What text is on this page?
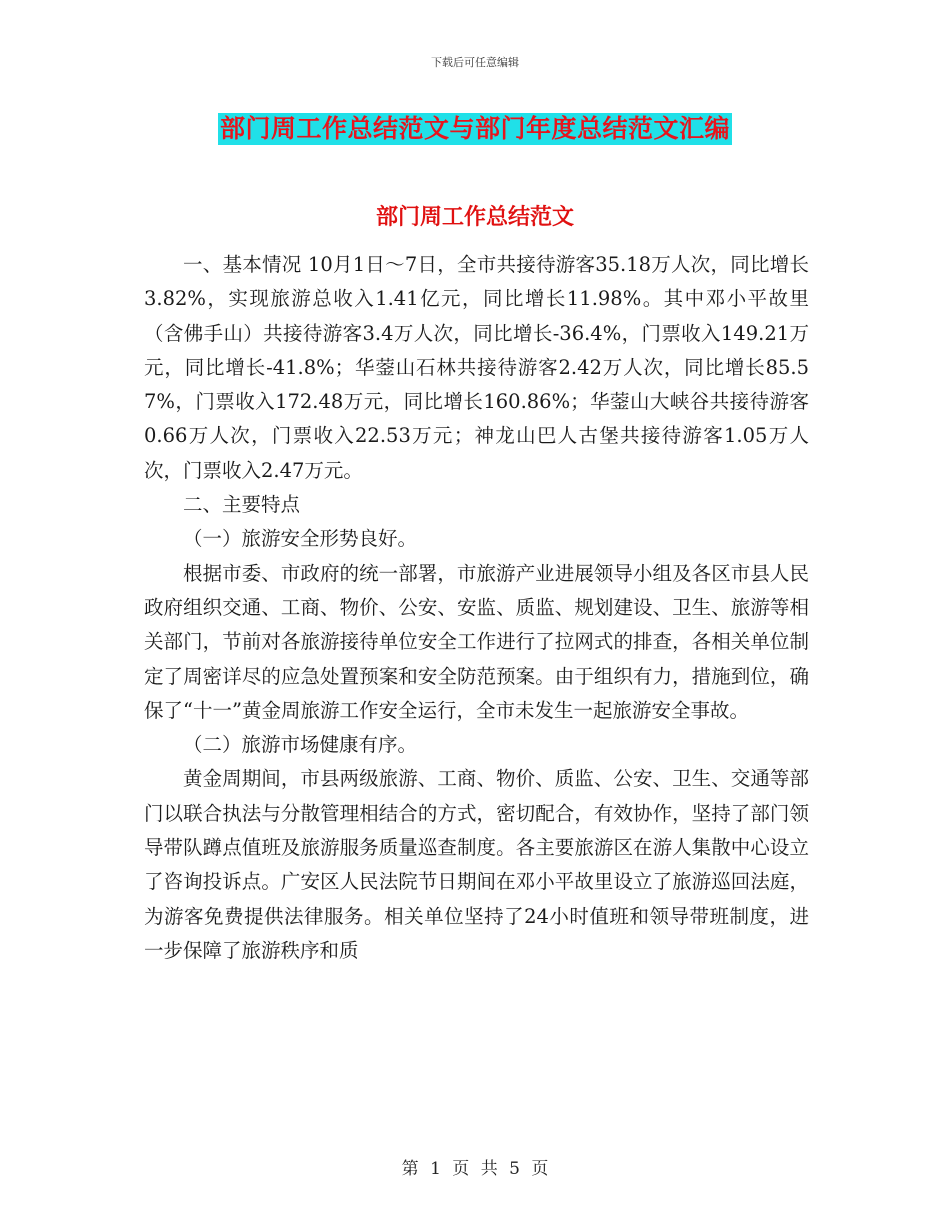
下载后可任意编辑
部门周工作总结范文与部门年度总结范文汇编
部门周工作总结范文

一、基本情况 10月1日～7日，全市共接待游客35.18万人次，同比增长3.82%，实现旅游总收入1.41亿元，同比增长11.98%。其中邓小平故里（含佛手山）共接待游客3.4万人次，同比增长-36.4%，门票收入149.21万元，同比增长-41.8%；华蓥山石林共接待游客2.42万人次，同比增长85.57%，门票收入172.48万元，同比增长160.86%；华蓥山大峡谷共接待游客0.66万人次，门票收入22.53万元；神龙山巴人古堡共接待游客1.05万人次，门票收入2.47万元。

二、主要特点

（一）旅游安全形势良好。

根据市委、市政府的统一部署，市旅游产业进展领导小组及各区市县人民政府组织交通、工商、物价、公安、安监、质监、规划建设、卫生、旅游等相关部门，节前对各旅游接待单位安全工作进行了拉网式的排查，各相关单位制定了周密详尽的应急处置预案和安全防范预案。由于组织有力，措施到位，确保了“十一”黄金周旅游工作安全运行，全市未发生一起旅游安全事故。

（二）旅游市场健康有序。

黄金周期间，市县两级旅游、工商、物价、质监、公安、卫生、交通等部门以联合执法与分散管理相结合的方式，密切配合，有效协作，坚持了部门领导带队蹲点值班及旅游服务质量巡查制度。各主要旅游区在游人集散中心设立了咨询投诉点。广安区人民法院节日期间在邓小平故里设立了旅游巡回法庭，为游客免费提供法律服务。相关单位坚持了24小时值班和领导带班制度，进一步保障了旅游秩序和质

第 1 页 共 5 页
